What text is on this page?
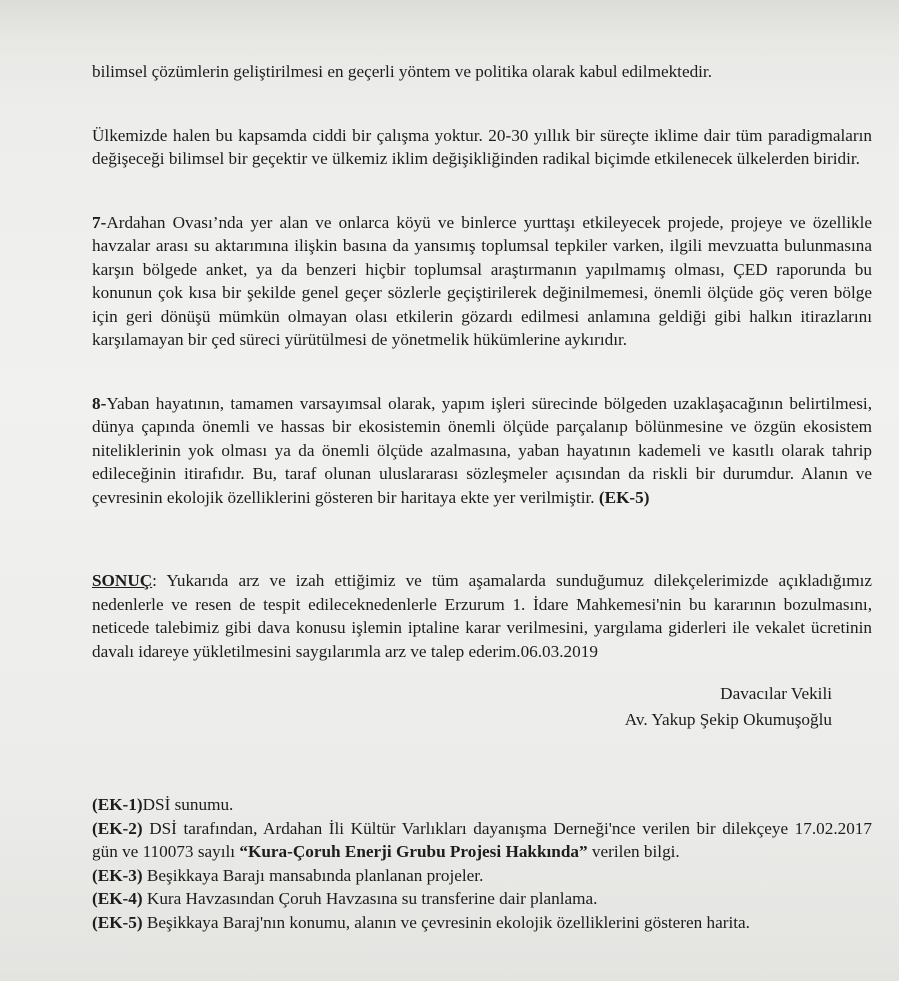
bilimsel çözümlerin geliştirilmesi en geçerli yöntem ve politika olarak kabul edilmektedir.

Ülkemizde halen bu kapsamda ciddi bir çalışma yoktur. 20-30 yıllık bir süreçte iklime dair tüm paradigmaların değişeceği bilimsel bir geçektir ve ülkemiz iklim değişikliğinden radikal biçimde etkilenecek ülkelerden biridir.

7-Ardahan Ovası’nda yer alan ve onlarca köyü ve binlerce yurttaşı etkileyecek projede, projeye ve özellikle havzalar arası su aktarımına ilişkin basına da yansımış toplumsal tepkiler varken, ilgili mevzuatta bulunmasına karşın bölgede anket, ya da benzeri hiçbir toplumsal araştırmanın yapılmamış olması, ÇED raporunda bu konunun çok kısa bir şekilde genel geçer sözlerle geçiştirilerek değinilmemesi, önemli ölçüde göç veren bölge için geri dönüşü mümkün olmayan olası etkilerin gözardı edilmesi anlamına geldiği gibi halkın itirazlarını karşılamayan bir çed süreci yürütülmesi de yönetmelik hükümlerine aykırıdır.

8-Yaban hayatının, tamamen varsayımsal olarak, yapım işleri sürecinde bölgeden uzaklaşacağının belirtilmesi, dünya çapında önemli ve hassas bir ekosistemin önemli ölçüde parçalanıp bölünmesine ve özgün ekosistem niteliklerinin yok olması ya da önemli ölçüde azalmasına, yaban hayatının kademeli ve kasıtlı olarak tahrip edileceğinin itirafıdır. Bu, taraf olunan uluslararası sözleşmeler açısından da riskli bir durumdur. Alanın ve çevresinin ekolojik özelliklerini gösteren bir haritaya ekte yer verilmiştir. (EK-5)

SONUÇ: Yukarıda arz ve izah ettiğimiz ve tüm aşamalarda sunduğumuz dilekçelerimizde açıkladığımız nedenlerle ve resen de tespit edileceknedenlerle Erzurum 1. İdare Mahkemesi'nin bu kararının bozulmasını, neticede talebimiz gibi dava konusu işlemin iptaline karar verilmesini, yargılama giderleri ile vekalet ücretinin davalı idareye yükletilmesini saygılarımla arz ve talep ederim.06.03.2019

Davacılar Vekili
Av. Yakup Şekip Okumuşoğlu
(EK-1)DSİ sunumu.
(EK-2) DSİ tarafından, Ardahan İli Kültür Varlıkları dayanışma Derneği'nce verilen bir dilekçeye 17.02.2017 gün ve 110073 sayılı “Kura-Çoruh Enerji Grubu Projesi Hakkında” verilen bilgi.
(EK-3) Beşikkaya Barajı mansabında planlanan projeler.
(EK-4) Kura Havzasından Çoruh Havzasına su transferine dair planlama.
(EK-5) Beşikkaya Baraj'nın konumu, alanın ve çevresinin ekolojik özelliklerini gösteren harita.
